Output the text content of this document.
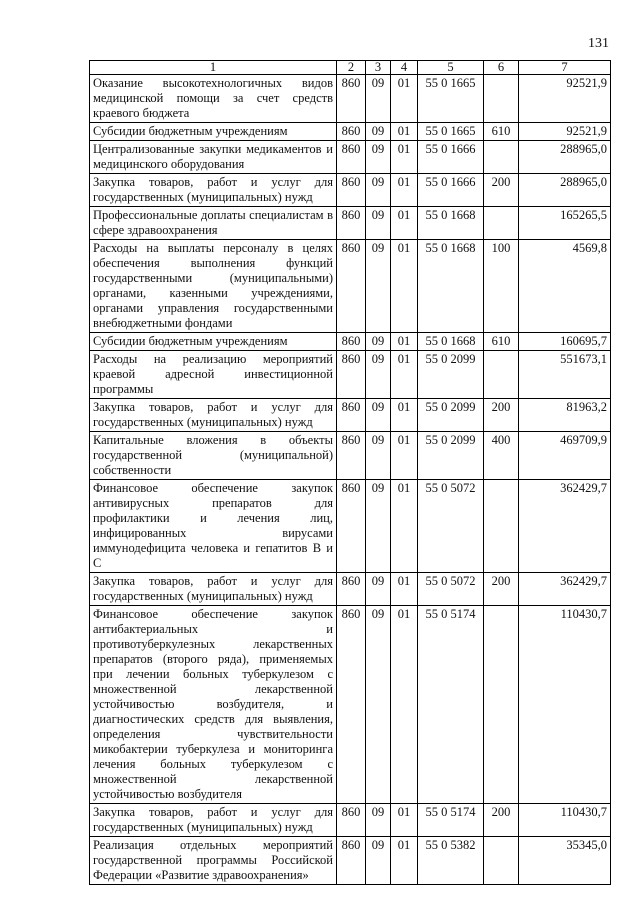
131
1	2	3	4	5	6	7
Оказание высокотехнологичных видов медицинской помощи за счет средств краевого бюджета	860	09	01	55 0 1665		92521,9
Субсидии бюджетным учреждениям	860	09	01	55 0 1665	610	92521,9
Централизованные закупки медикаментов и медицинского оборудования	860	09	01	55 0 1666		288965,0
Закупка товаров, работ и услуг для государственных (муниципальных) нужд	860	09	01	55 0 1666	200	288965,0
Профессиональные доплаты специалистам в сфере здравоохранения	860	09	01	55 0 1668		165265,5
Расходы на выплаты персоналу в целях обеспечения выполнения функций государственными (муниципальными) органами, казенными учреждениями, органами управления государственными внебюджетными фондами	860	09	01	55 0 1668	100	4569,8
Субсидии бюджетным учреждениям	860	09	01	55 0 1668	610	160695,7
Расходы на реализацию мероприятий краевой адресной инвестиционной программы	860	09	01	55 0 2099		551673,1
Закупка товаров, работ и услуг для государственных (муниципальных) нужд	860	09	01	55 0 2099	200	81963,2
Капитальные вложения в объекты государственной (муниципальной) собственности	860	09	01	55 0 2099	400	469709,9
Финансовое обеспечение закупок антивирусных препаратов для профилактики и лечения лиц, инфицированных вирусами иммунодефицита человека и гепатитов В и С	860	09	01	55 0 5072		362429,7
Закупка товаров, работ и услуг для государственных (муниципальных) нужд	860	09	01	55 0 5072	200	362429,7
Финансовое обеспечение закупок антибактериальных и противотуберкулезных лекарственных препаратов (второго ряда), применяемых при лечении больных туберкулезом с множественной лекарственной устойчивостью возбудителя, и диагностических средств для выявления, определения чувствительности микобактерии туберкулеза и мониторинга лечения больных туберкулезом с множественной лекарственной устойчивостью возбудителя	860	09	01	55 0 5174		110430,7
Закупка товаров, работ и услуг для государственных (муниципальных) нужд	860	09	01	55 0 5174	200	110430,7
Реализация отдельных мероприятий государственной программы Российской Федерации «Развитие здравоохранения»	860	09	01	55 0 5382		35345,0
